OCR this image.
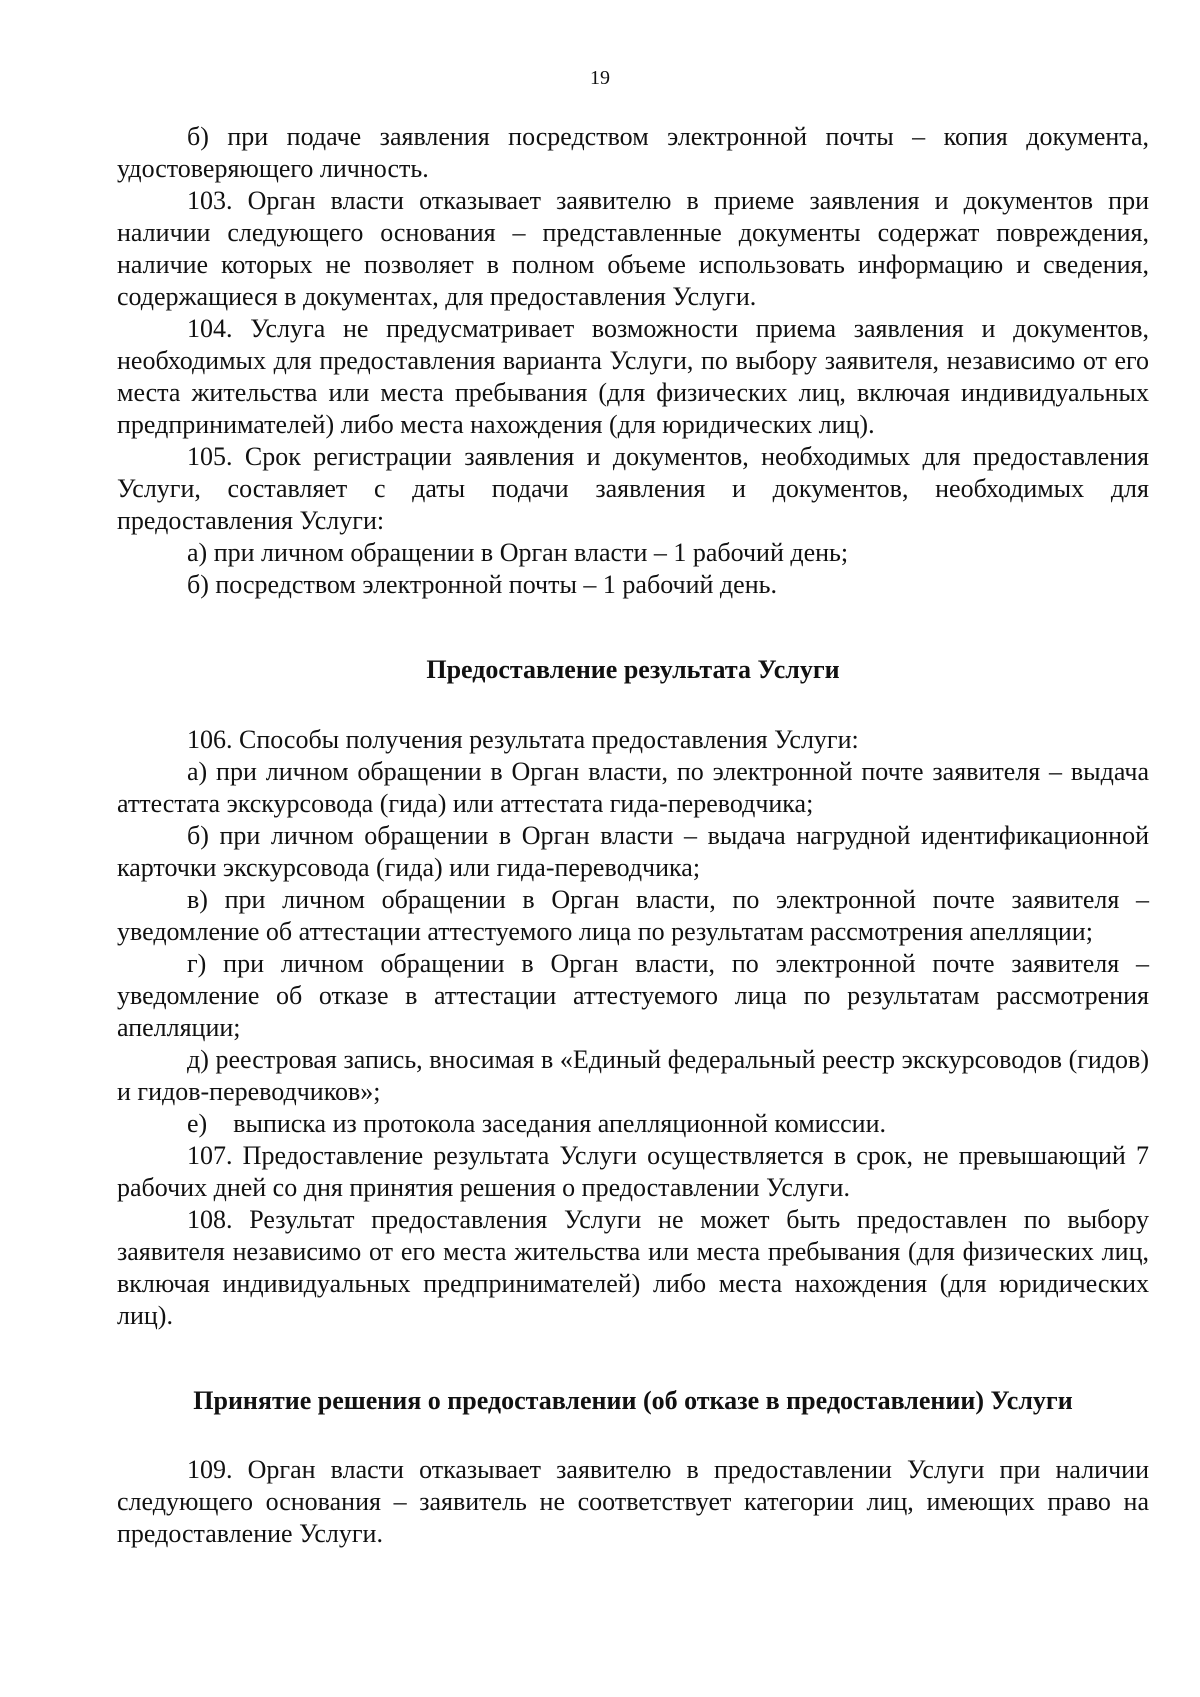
19

б) при подаче заявления посредством электронной почты – копия документа, удостоверяющего личность.

103. Орган власти отказывает заявителю в приеме заявления и документов при наличии следующего основания – представленные документы содержат повреждения, наличие которых не позволяет в полном объеме использовать информацию и сведения, содержащиеся в документах, для предоставления Услуги.

104. Услуга не предусматривает возможности приема заявления и документов, необходимых для предоставления варианта Услуги, по выбору заявителя, независимо от его места жительства или места пребывания (для физических лиц, включая индивидуальных предпринимателей) либо места нахождения (для юридических лиц).

105. Срок регистрации заявления и документов, необходимых для предоставления Услуги, составляет с даты подачи заявления и документов, необходимых для предоставления Услуги:

а) при личном обращении в Орган власти – 1 рабочий день;

б) посредством электронной почты – 1 рабочий день.

Предоставление результата Услуги

106. Способы получения результата предоставления Услуги:

а) при личном обращении в Орган власти, по электронной почте заявителя – выдача аттестата экскурсовода (гида) или аттестата гида-переводчика;

б) при личном обращении в Орган власти – выдача нагрудной идентификационной карточки экскурсовода (гида) или гида-переводчика;

в) при личном обращении в Орган власти, по электронной почте заявителя – уведомление об аттестации аттестуемого лица по результатам рассмотрения апелляции;

г) при личном обращении в Орган власти, по электронной почте заявителя – уведомление об отказе в аттестации аттестуемого лица по результатам рассмотрения апелляции;

д) реестровая запись, вносимая в «Единый федеральный реестр экскурсоводов (гидов) и гидов-переводчиков»;

е)    выписка из протокола заседания апелляционной комиссии.

107. Предоставление результата Услуги осуществляется в срок, не превышающий 7 рабочих дней со дня принятия решения о предоставлении Услуги.

108. Результат предоставления Услуги не может быть предоставлен по выбору заявителя независимо от его места жительства или места пребывания (для физических лиц, включая индивидуальных предпринимателей) либо места нахождения (для юридических лиц).

Принятие решения о предоставлении (об отказе в предоставлении) Услуги

109. Орган власти отказывает заявителю в предоставлении Услуги при наличии следующего основания – заявитель не соответствует категории лиц, имеющих право на предоставление Услуги.
